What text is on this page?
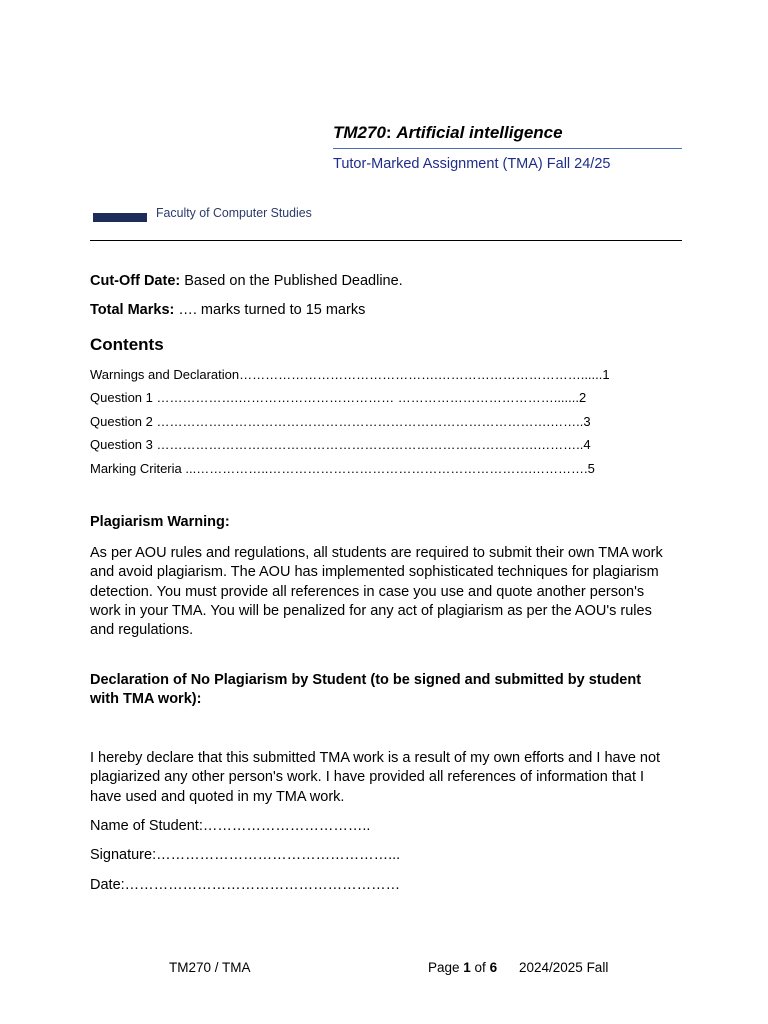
TM270: Artificial intelligence
Tutor-Marked Assignment (TMA) Fall 24/25
Faculty of Computer Studies
Cut-Off Date: Based on the Published Deadline.
Total Marks: …. marks turned to 15 marks
Contents
Warnings and Declaration……………………………………….……………………………......1
Question 1 ……………….……………………………… ……………………………….......2
Question 2 ……………………………………………………………………………….……..3
Question 3 …………………………………………………………………………….………..4
Marking Criteria ...……………..…………………………………………………….………….5
Plagiarism Warning:
As per AOU rules and regulations, all students are required to submit their own TMA work and avoid plagiarism. The AOU has implemented sophisticated techniques for plagiarism detection. You must provide all references in case you use and quote another person's work in your TMA. You will be penalized for any act of plagiarism as per the AOU's rules and regulations.
Declaration of No Plagiarism by Student (to be signed and submitted by student with TMA work):
I hereby declare that this submitted TMA work is a result of my own efforts and I have not plagiarized any other person's work. I have provided all references of information that I have used and quoted in my TMA work.
Name of Student:……………………………..
Signature:…………………………………………...
Date:…………………………………………………
TM270 / TMA	Page 1 of 6 2024/2025 Fall
